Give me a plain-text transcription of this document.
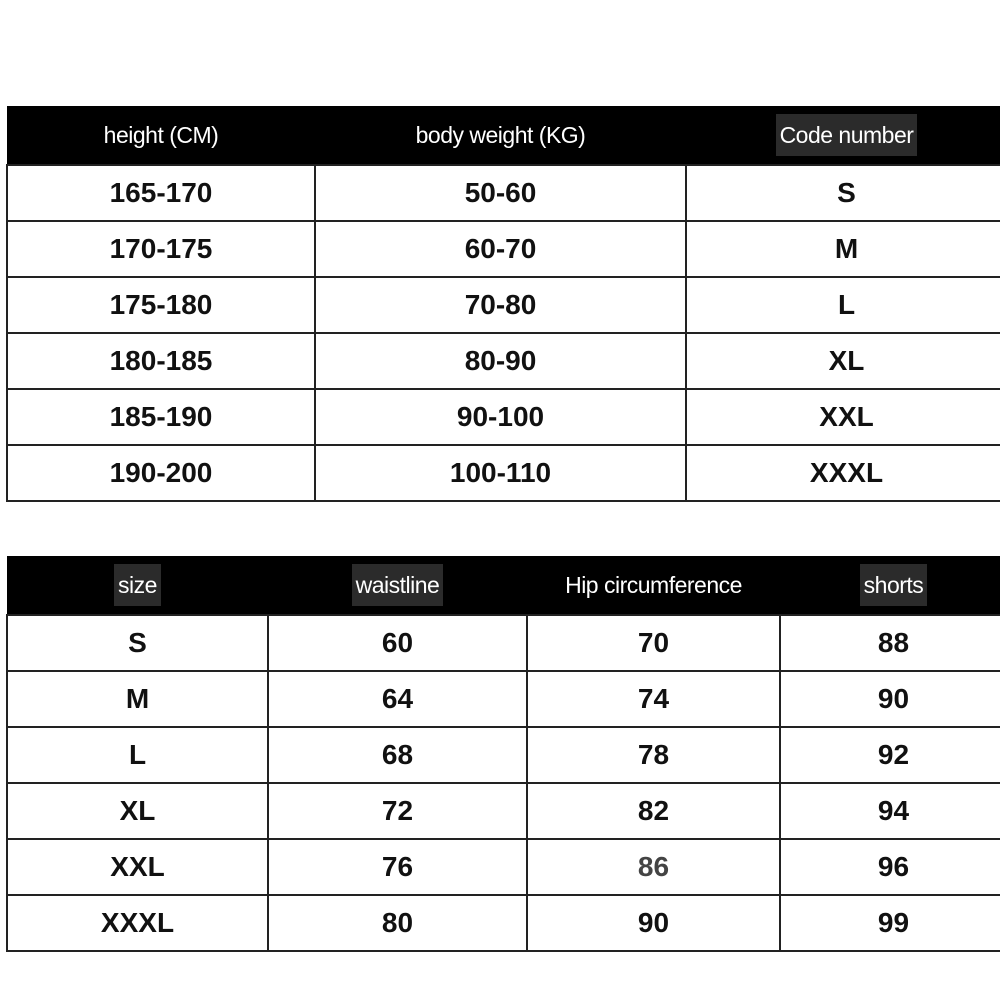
height (CM)	body weight (KG)	Code number
165-170	50-60	S
170-175	60-70	M
175-180	70-80	L
180-185	80-90	XL
185-190	90-100	XXL
190-200	100-110	XXXL
size	waistline	Hip circumference	shorts
S	60	70	88
M	64	74	90
L	68	78	92
XL	72	82	94
XXL	76	86	96
XXXL	80	90	99
